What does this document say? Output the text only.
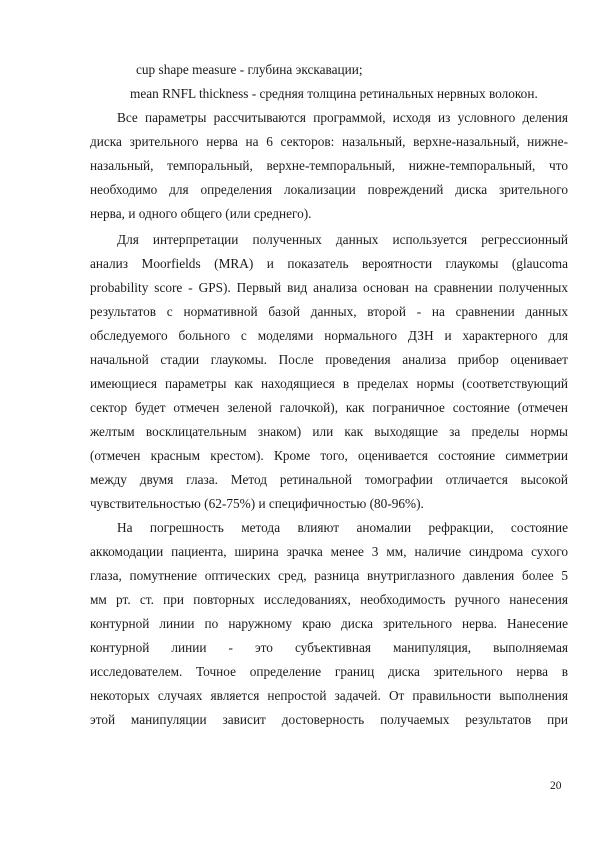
cup shape measure - глубина экскавации;
mean RNFL thickness - средняя толщина ретинальных нервных волокон.
Все параметры рассчитываются программой, исходя из условного деления
диска зрительного нерва на 6 секторов: назальный, верхне-назальный, нижне-
назальный, темпоральный, верхне-темпоральный, нижне-темпоральный, что
необходимо для определения локализации повреждений диска зрительного
нерва, и одного общего (или среднего).
Для интерпретации полученных данных используется регрессионный
анализ Moorfields (MRA) и показатель вероятности глаукомы (glaucoma
probability score - GPS). Первый вид анализа основан на сравнении полученных
результатов с нормативной базой данных, второй - на сравнении данных
обследуемого больного с моделями нормального ДЗН и характерного для
начальной стадии глаукомы. После проведения анализа прибор оценивает
имеющиеся параметры как находящиеся в пределах нормы (соответствующий
сектор будет отмечен зеленой галочкой), как пограничное состояние (отмечен
желтым восклицательным знаком) или как выходящие за пределы нормы
(отмечен красным крестом). Кроме того, оценивается состояние симметрии
между двумя глаза. Метод ретинальной томографии отличается высокой
чувствительностью (62-75%) и специфичностью (80-96%).
На погрешность метода влияют аномалии рефракции, состояние
аккомодации пациента, ширина зрачка менее 3 мм, наличие синдрома сухого
глаза, помутнение оптических сред, разница внутриглазного давления более 5
мм рт. ст. при повторных исследованиях, необходимость ручного нанесения
контурной линии по наружному краю диска зрительного нерва. Нанесение
контурной линии - это субъективная манипуляция, выполняемая
исследователем. Точное определение границ диска зрительного нерва в
некоторых случаях является непростой задачей. От правильности выполнения
этой манипуляции зависит достоверность получаемых результатов при
20
